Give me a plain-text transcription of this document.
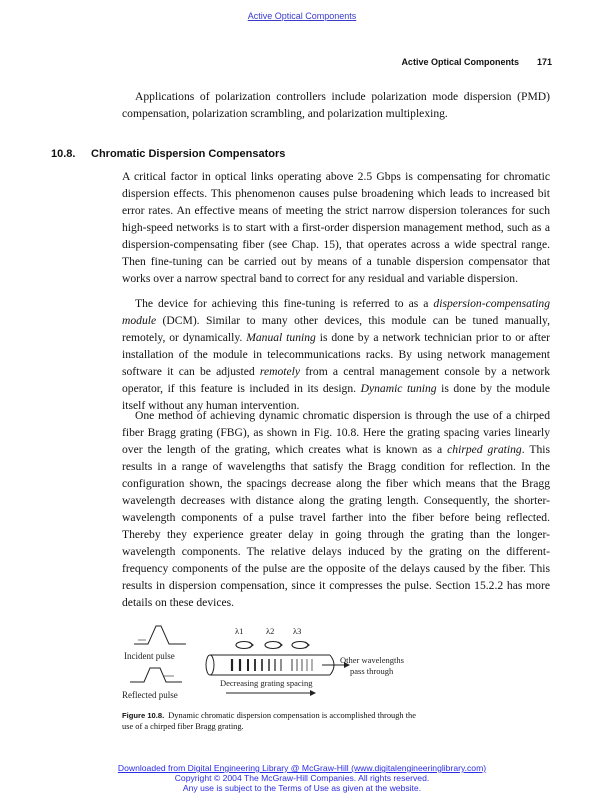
Active Optical Components
Active Optical Components 171
Applications of polarization controllers include polarization mode dispersion (PMD) compensation, polarization scrambling, and polarization multiplexing.
10.8. Chromatic Dispersion Compensators
A critical factor in optical links operating above 2.5 Gbps is compensating for chromatic dispersion effects. This phenomenon causes pulse broadening which leads to increased bit error rates. An effective means of meeting the strict narrow dispersion tolerances for such high-speed networks is to start with a first-order dispersion management method, such as a dispersion-compensating fiber (see Chap. 15), that operates across a wide spectral range. Then fine-tuning can be carried out by means of a tunable dispersion compensator that works over a narrow spectral band to correct for any residual and variable dispersion.
The device for achieving this fine-tuning is referred to as a dispersion-compensating module (DCM). Similar to many other devices, this module can be tuned manually, remotely, or dynamically. Manual tuning is done by a network technician prior to or after installation of the module in telecommunications racks. By using network management software it can be adjusted remotely from a central management console by a network operator, if this feature is included in its design. Dynamic tuning is done by the module itself without any human intervention.
One method of achieving dynamic chromatic dispersion is through the use of a chirped fiber Bragg grating (FBG), as shown in Fig. 10.8. Here the grating spacing varies linearly over the length of the grating, which creates what is known as a chirped grating. This results in a range of wavelengths that satisfy the Bragg condition for reflection. In the configuration shown, the spacings decrease along the fiber which means that the Bragg wavelength decreases with distance along the grating length. Consequently, the shorter-wavelength components of a pulse travel farther into the fiber before being reflected. Thereby they experience greater delay in going through the grating than the longer-wavelength components. The relative delays induced by the grating on the different-frequency components of the pulse are the opposite of the delays caused by the fiber. This results in dispersion compensation, since it compresses the pulse. Section 15.2.2 has more details on these devices.
Incident pulse
Reflected pulse
λ1	λ2 λ3
Other wavelengths
pass through
Decreasing grating spacing
Figure 10.8. Dynamic chromatic dispersion compensation is accomplished through the use of a chirped fiber Bragg grating.
Downloaded from Digital Engineering Library @ McGraw-Hill (www.digitalengineeringlibrary.com)
Copyright © 2004 The McGraw-Hill Companies. All rights reserved.
Any use is subject to the Terms of Use as given at the website.
